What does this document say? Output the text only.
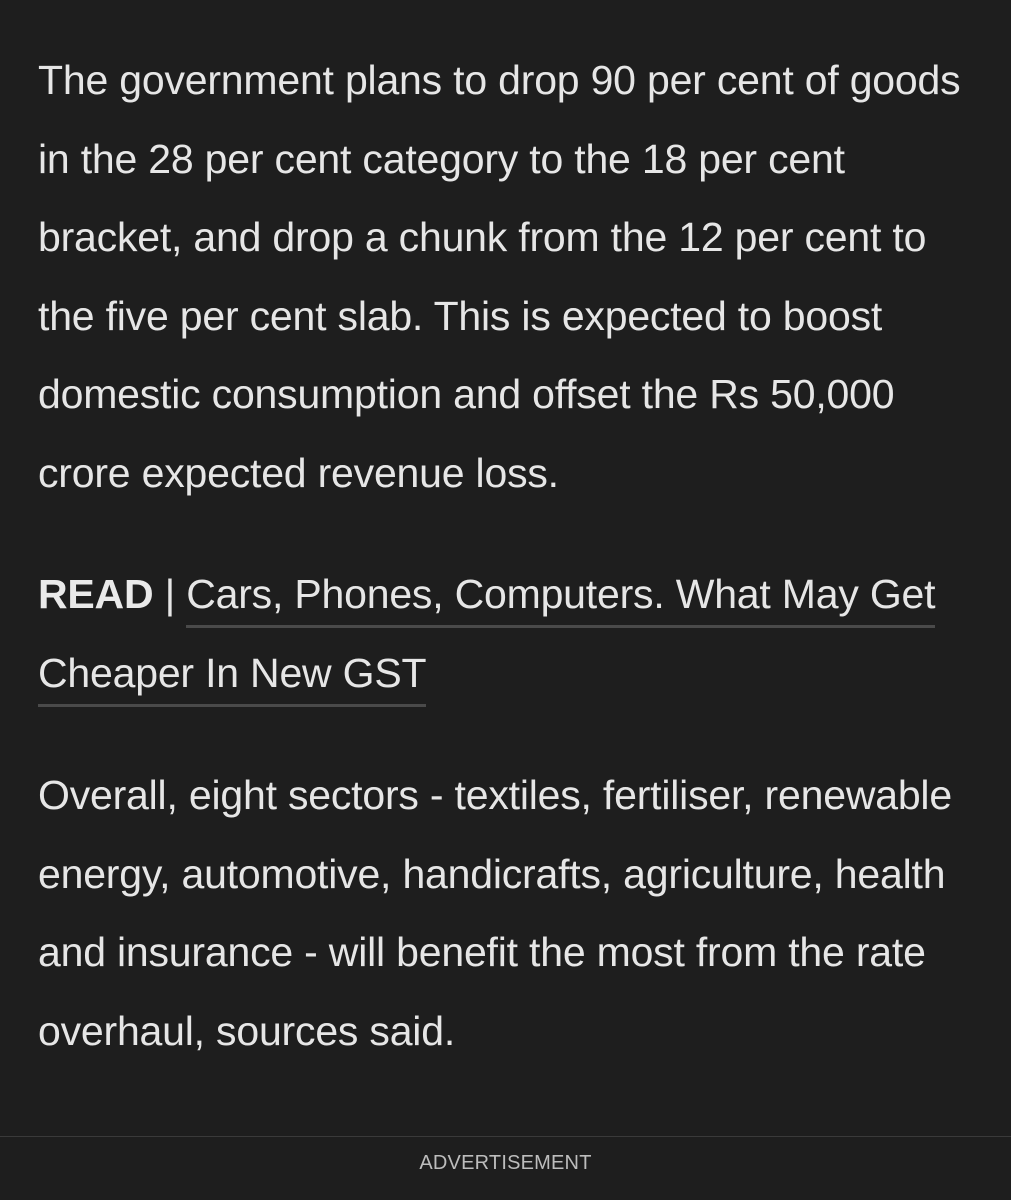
The government plans to drop 90 per cent of goods in the 28 per cent category to the 18 per cent bracket, and drop a chunk from the 12 per cent to the five per cent slab. This is expected to boost domestic consumption and offset the Rs 50,000 crore expected revenue loss.

READ | Cars, Phones, Computers. What May Get Cheaper In New GST

Overall, eight sectors - textiles, fertiliser, renewable energy, automotive, handicrafts, agriculture, health and insurance - will benefit the most from the rate overhaul, sources said.

ADVERTISEMENT
